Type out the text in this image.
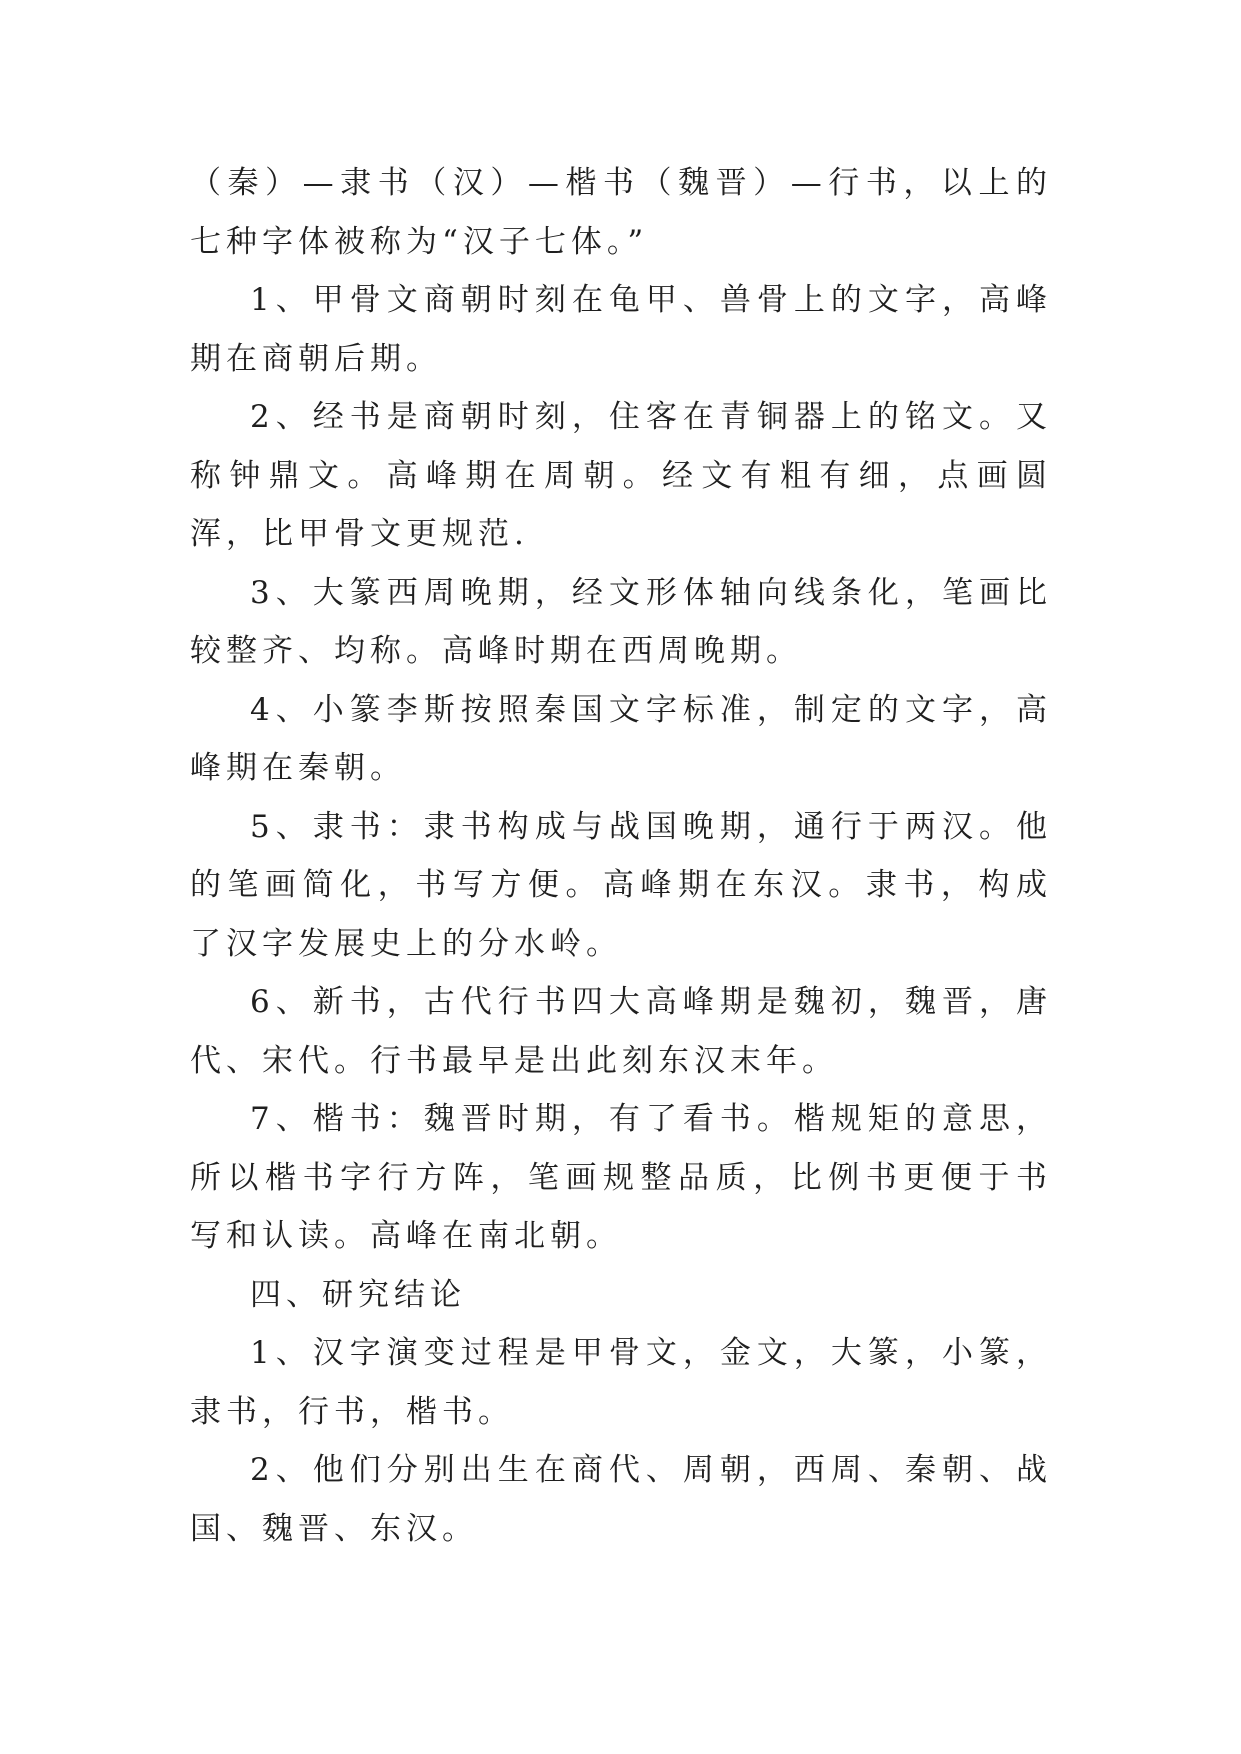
（秦）—隶书（汉）—楷书（魏晋）—行书，以上的七种字体被称为“汉子七体。”

1、甲骨文商朝时刻在龟甲、兽骨上的文字，高峰期在商朝后期。

2、经书是商朝时刻，住客在青铜器上的铭文。又称钟鼎文。高峰期在周朝。经文有粗有细，点画圆浑，比甲骨文更规范.

3、大篆西周晚期，经文形体轴向线条化，笔画比较整齐、均称。高峰时期在西周晚期。

4、小篆李斯按照秦国文字标准，制定的文字，高峰期在秦朝。

5、隶书：隶书构成与战国晚期，通行于两汉。他的笔画简化，书写方便。高峰期在东汉。隶书，构成了汉字发展史上的分水岭。

6、新书，古代行书四大高峰期是魏初，魏晋，唐代、宋代。行书最早是出此刻东汉末年。

7、楷书：魏晋时期，有了看书。楷规矩的意思，所以楷书字行方阵，笔画规整品质，比例书更便于书写和认读。高峰在南北朝。

四、研究结论

1、汉字演变过程是甲骨文，金文，大篆，小篆，隶书，行书，楷书。

2、他们分别出生在商代、周朝，西周、秦朝、战国、魏晋、东汉。
